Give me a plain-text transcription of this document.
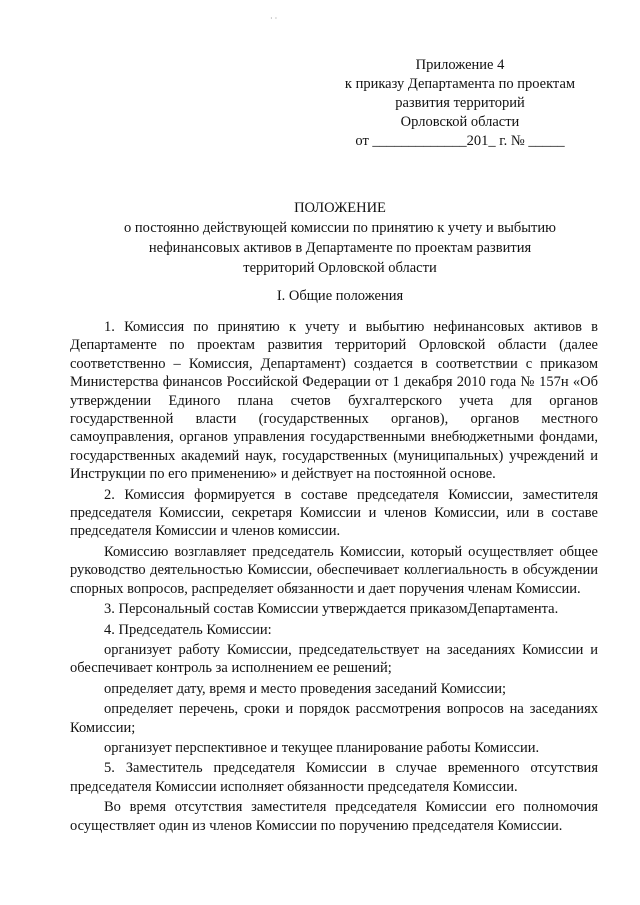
· ·
Приложение 4
к приказу Департамента по проектам
развития территорий
Орловской области
от _____________201_ г. № _____
ПОЛОЖЕНИЕ
о постоянно действующей комиссии по принятию к учету и выбытию
нефинансовых активов в Департаменте по проектам развития
территорий Орловской области
I. Общие положения

1. Комиссия по принятию к учету и выбытию нефинансовых активов в Департаменте по проектам развития территорий Орловской области (далее соответственно – Комиссия, Департамент) создается в соответствии с приказом Министерства финансов Российской Федерации от 1 декабря 2010 года № 157н «Об утверждении Единого плана счетов бухгалтерского учета для органов государственной власти (государственных органов), органов местного самоуправления, органов управления государственными внебюджетными фондами, государственных академий наук, государственных (муниципальных) учреждений и Инструкции по его применению» и действует на постоянной основе.

2. Комиссия формируется в составе председателя Комиссии, заместителя председателя Комиссии, секретаря Комиссии и членов Комиссии, или в составе председателя Комиссии и членов комиссии.

Комиссию возглавляет председатель Комиссии, который осуществляет общее руководство деятельностью Комиссии, обеспечивает коллегиальность в обсуждении спорных вопросов, распределяет обязанности и дает поручения членам Комиссии.

3. Персональный состав Комиссии утверждается приказомДепартамента.

4. Председатель Комиссии:

организует работу Комиссии, председательствует на заседаниях Комиссии и обеспечивает контроль за исполнением ее решений;

определяет дату, время и место проведения заседаний Комиссии;

определяет перечень, сроки и порядок рассмотрения вопросов на заседаниях Комиссии;

организует перспективное и текущее планирование работы Комиссии.

5. Заместитель председателя Комиссии в случае временного отсутствия председателя Комиссии исполняет обязанности председателя Комиссии.

Во время отсутствия заместителя председателя Комиссии его полномочия осуществляет один из членов Комиссии по поручению председателя Комиссии.
